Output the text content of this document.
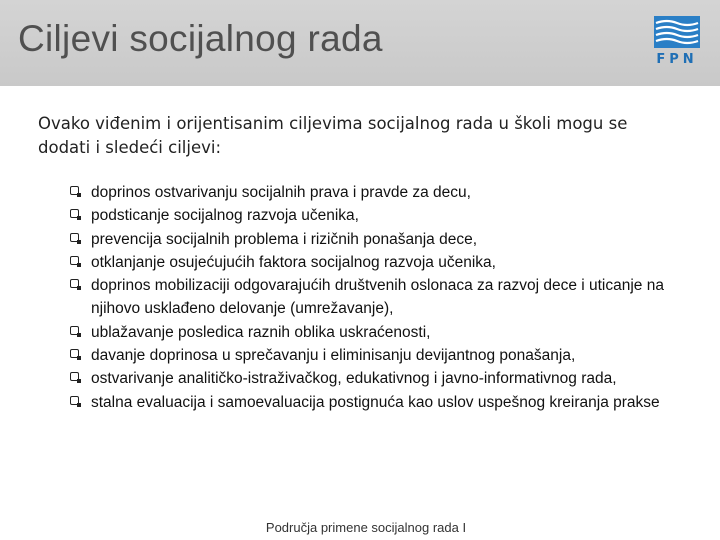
Ciljevi socijalnog rada
FPN
Ovako viđenim i orijentisanim ciljevima socijalnog rada u školi mogu se dodati i sledeći ciljevi:
doprinos ostvarivanju socijalnih prava i pravde za decu,
podsticanje socijalnog razvoja učenika,
prevencija socijalnih problema i rizičnih ponašanja dece,
otklanjanje osujećujućih faktora socijalnog razvoja učenika,
doprinos mobilizaciji odgovarajućih društvenih oslonaca za razvoj dece i uticanje na njihovo usklađeno delovanje (umrežavanje),
ublažavanje posledica raznih oblika uskraćenosti,
davanje doprinosa u sprečavanju i eliminisanju devijantnog ponašanja,
ostvarivanje analitičko-istraživačkog, edukativnog i javno-informativnog rada,
stalna evaluacija i samoevaluacija postignuća kao uslov uspešnog kreiranja prakse
Područja primene socijalnog rada I
